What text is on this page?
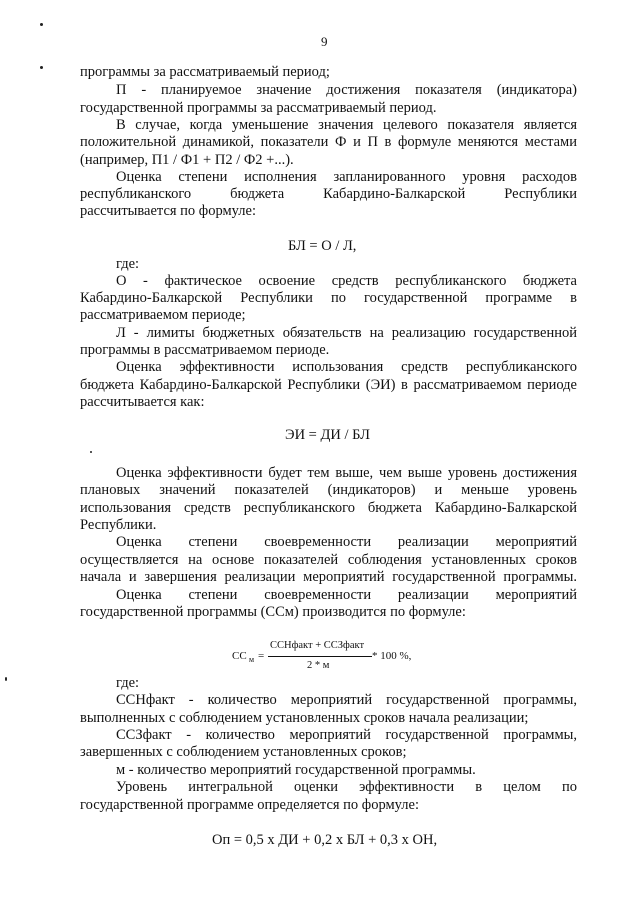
9
программы за рассматриваемый период;
П - планируемое значение достижения показателя (индикатора)
государственной программы за рассматриваемый период.
В случае, когда уменьшение значения целевого показателя является
положительной динамикой, показатели Ф и П в формуле меняются местами
(например, П1 / Ф1 + П2 / Ф2 +...).
Оценка степени исполнения запланированного уровня расходов
республиканского бюджета Кабардино-Балкарской Республики
рассчитывается по формуле:
БЛ = О / Л,
где:
О - фактическое освоение средств республиканского бюджета
Кабардино-Балкарской Республики по государственной программе в
рассматриваемом периоде;
Л - лимиты бюджетных обязательств на реализацию государственной
программы в рассматриваемом периоде.
Оценка эффективности использования средств республиканского
бюджета Кабардино-Балкарской Республики (ЭИ) в рассматриваемом периоде
рассчитывается как:
ЭИ = ДИ / БЛ
Оценка эффективности будет тем выше, чем выше уровень достижения
плановых значений показателей (индикаторов) и меньше уровень
использования средств республиканского бюджета Кабардино-Балкарской
Республики.
Оценка степени своевременности реализации мероприятий
осуществляется на основе показателей соблюдения установленных сроков
начала и завершения реализации мероприятий государственной программы.
Оценка степени своевременности реализации мероприятий
государственной программы (ССм) производится по формуле:
СС м =
ССНфакт + ССЗфакт
2 * м
* 100 %,
где:
ССНфакт - количество мероприятий государственной программы,
выполненных с соблюдением установленных сроков начала реализации;
ССЗфакт - количество мероприятий государственной программы,
завершенных с соблюдением установленных сроков;
м - количество мероприятий государственной программы.
Уровень интегральной оценки эффективности в целом по
государственной программе определяется по формуле:
Оп = 0,5 x ДИ + 0,2 x БЛ + 0,3 x ОН,
